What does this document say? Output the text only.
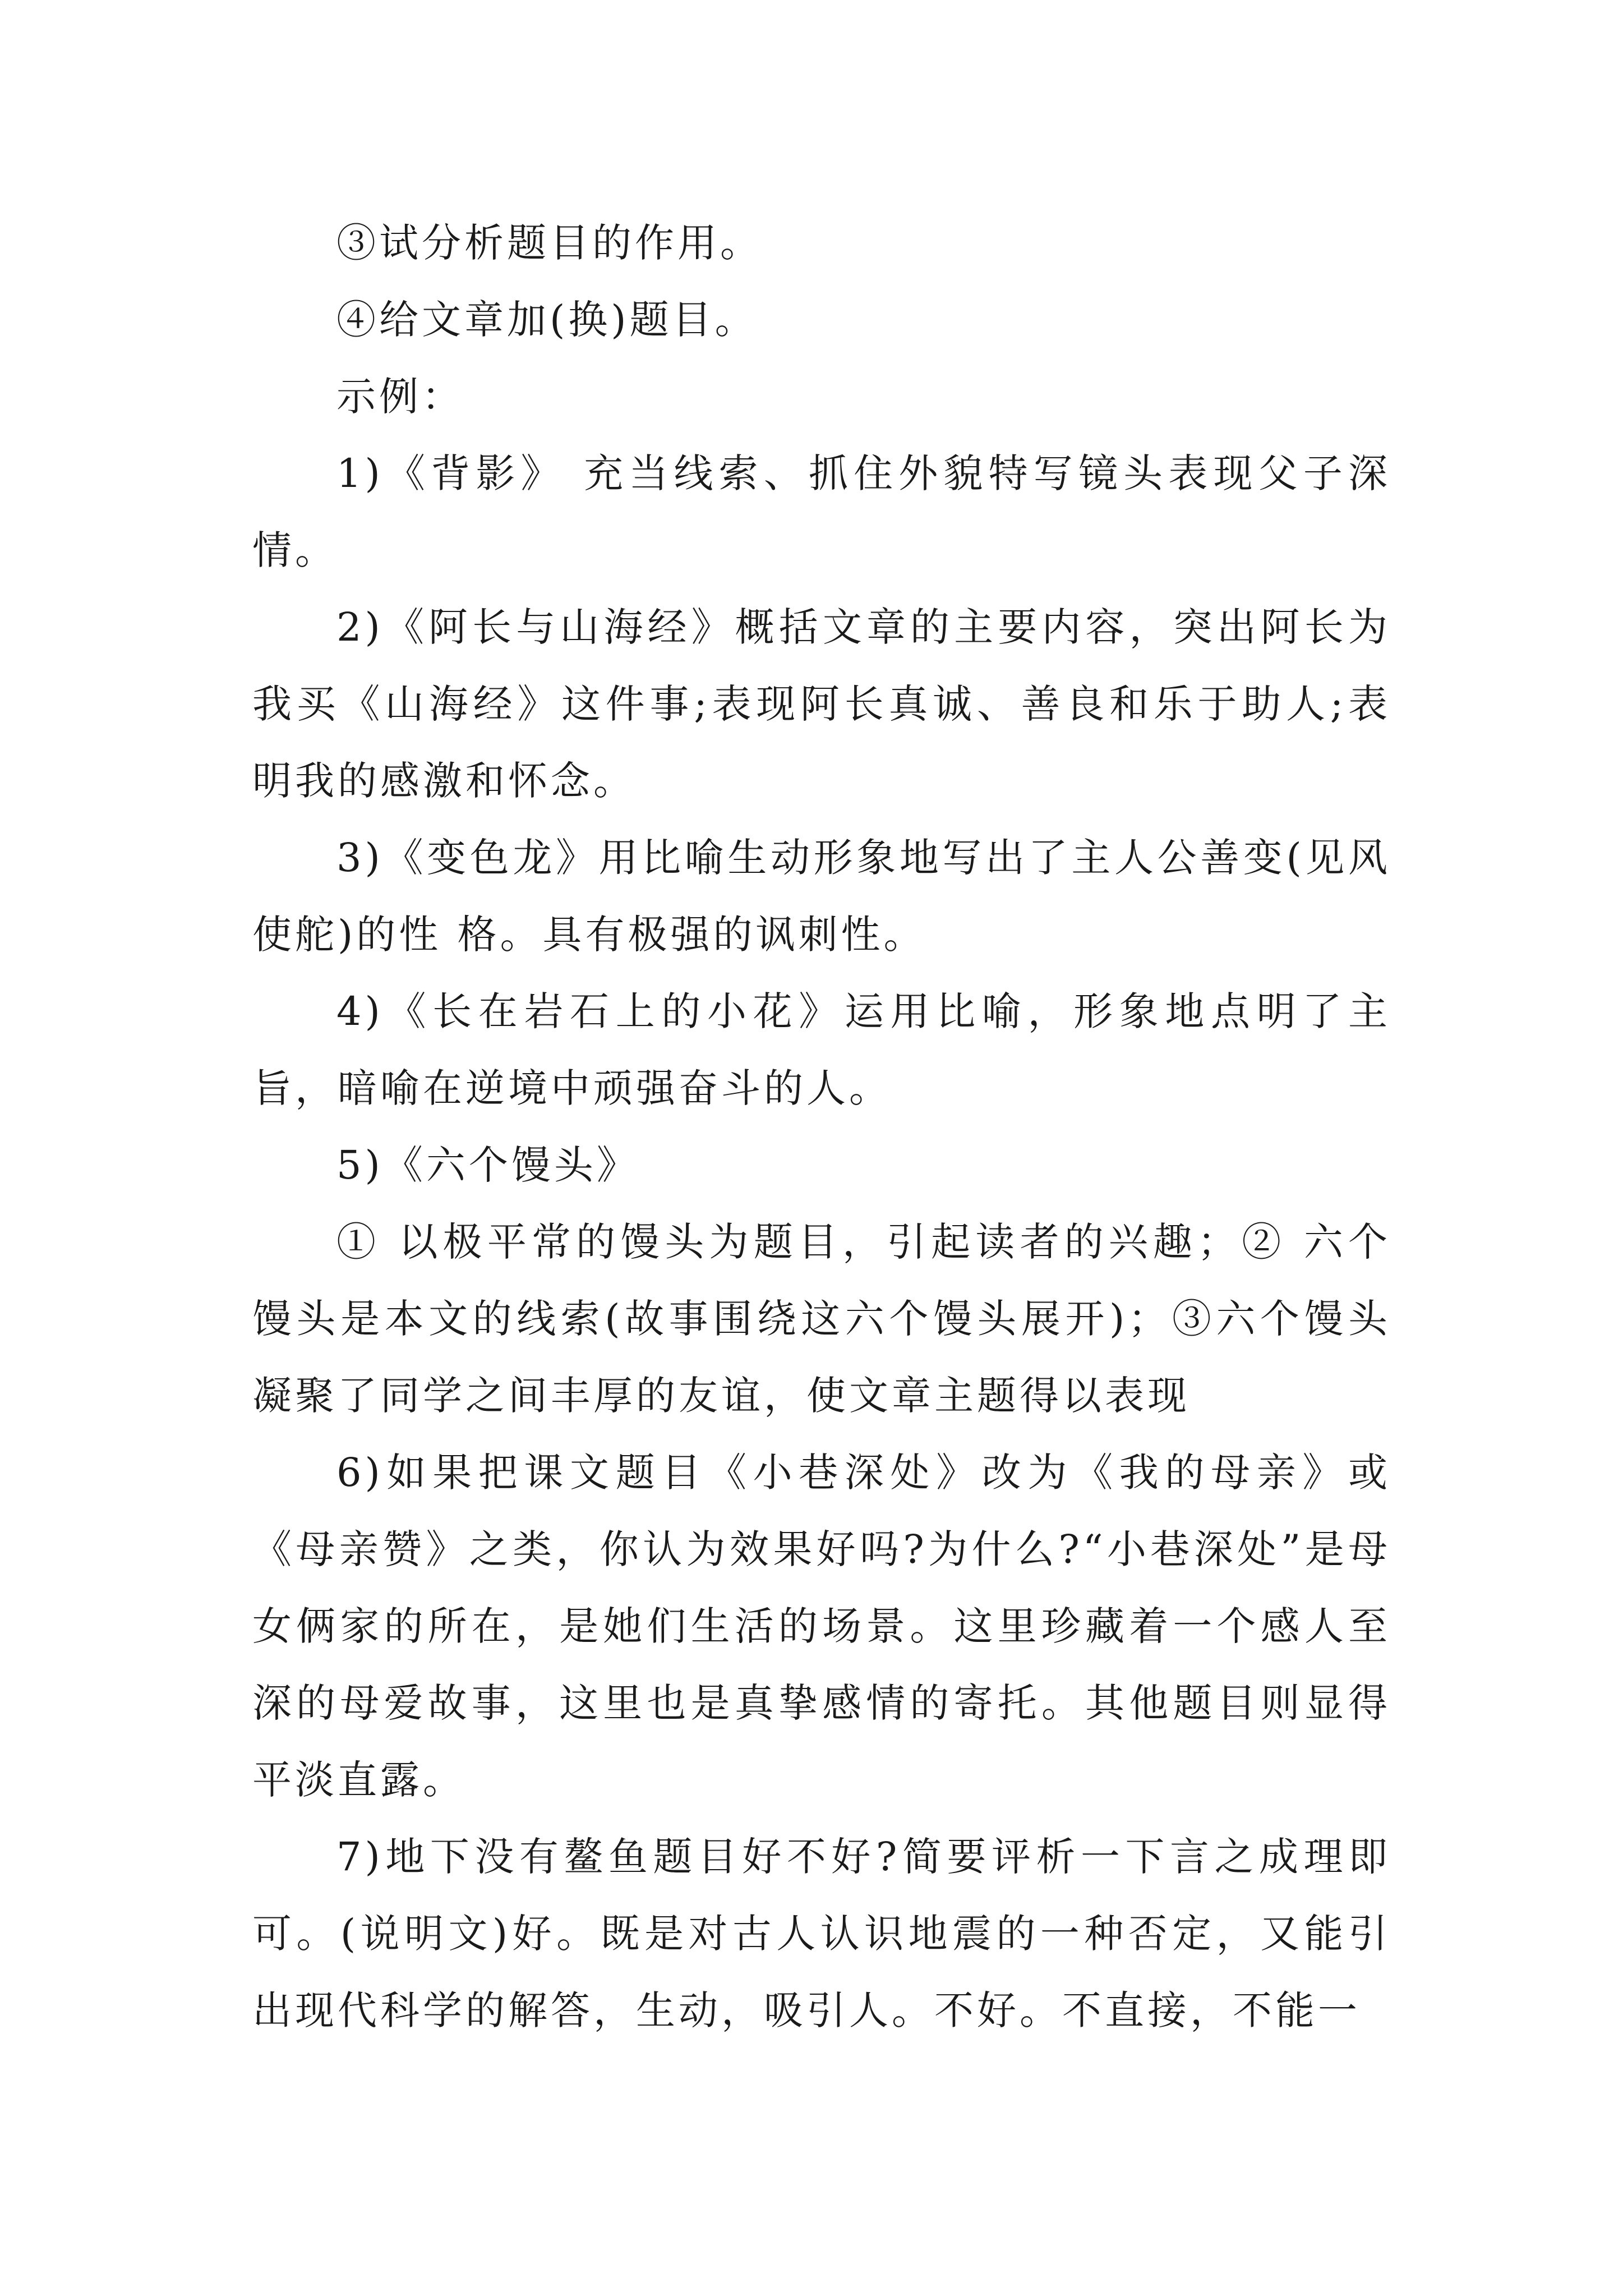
③试分析题目的作用。

④给文章加(换)题目。

示例：

1)《背影》 充当线索、抓住外貌特写镜头表现父子深情。

2)《阿长与山海经》概括文章的主要内容，突出阿长为我买《山海经》这件事;表现阿长真诚、善良和乐于助人;表明我的感激和怀念。

3)《变色龙》用比喻生动形象地写出了主人公善变(见风使舵)的性 格。具有极强的讽刺性。

4)《长在岩石上的小花》运用比喻，形象地点明了主旨，暗喻在逆境中顽强奋斗的人。

5)《六个馒头》

① 以极平常的馒头为题目，引起读者的兴趣；② 六个馒头是本文的线索(故事围绕这六个馒头展开)；③六个馒头凝聚了同学之间丰厚的友谊，使文章主题得以表现

6)如果把课文题目《小巷深处》改为《我的母亲》或《母亲赞》之类，你认为效果好吗?为什么?“小巷深处”是母女俩家的所在，是她们生活的场景。这里珍藏着一个感人至深的母爱故事，这里也是真挚感情的寄托。其他题目则显得平淡直露。

7)地下没有鳌鱼题目好不好?简要评析一下言之成理即可。(说明文)好。既是对古人认识地震的一种否定，又能引出现代科学的解答，生动，吸引人。不好。不直接，不能一
